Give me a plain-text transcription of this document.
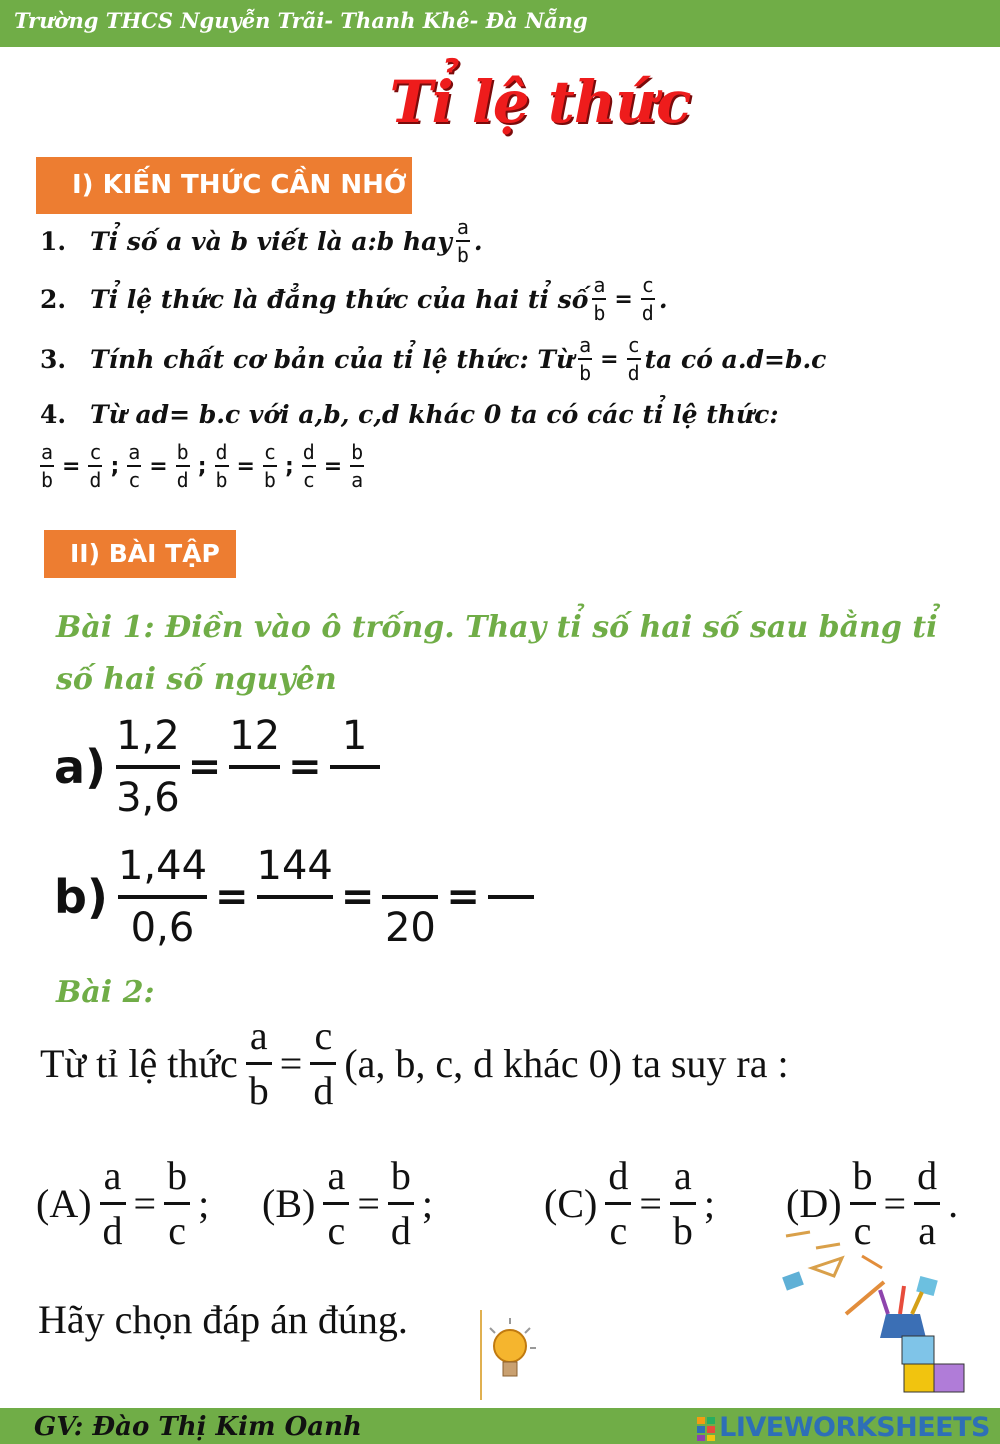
Trường THCS Nguyễn Trãi- Thanh Khê- Đà Nẵng
Tỉ lệ thức
I) KIẾN THỨC CẦN NHỚ
1. Tỉ số a và b viết là a:b hay $\frac{a}{b}$ .
2. Tỉ lệ thức là đẳng thức của hai tỉ số $\frac{a}{b} = \frac{c}{d}$ .
3. Tính chất cơ bản của tỉ lệ thức: Từ $\frac{a}{b} = \frac{c}{d}$ ta có a.d=b.c
4. Từ ad= b.c với a,b, c,d khác 0 ta có các tỉ lệ thức:
$\frac{a}{b} = \frac{c}{d}$ ; $\frac{a}{c} = \frac{b}{d}$ ; $\frac{d}{b} = \frac{c}{b}$ ; $\frac{d}{c} = \frac{b}{a}$
II) BÀI TẬP
Bài 1: Điền vào ô trống. Thay tỉ số hai số sau bằng tỉ
số hai số nguyên
a)
1,2
3,6
=
12
=
1
b)
1,44
0,6
=
144
=
20
=
Bài 2:
Từ tỉ lệ thức
a
b
=
c
d
(a, b, c, d khác 0) ta suy ra :
(A)
a
d
=
b
c
; (B)
a
c
=
b
d
;	(C)
d
c
=
a
b
; (D)
b
c
=
d
a
.
Hãy chọn đáp án đúng.
GV: Đào Thị Kim Oanh	LIVEWORKSHEETS
